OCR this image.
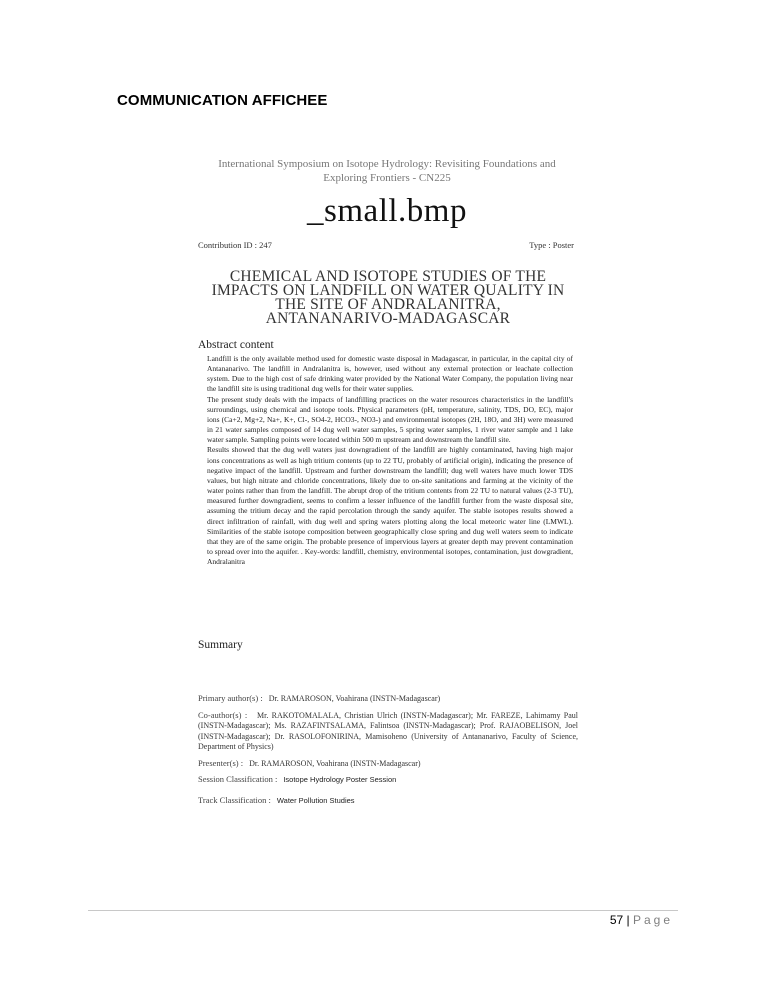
COMMUNICATION AFFICHEE
International Symposium on Isotope Hydrology: Revisiting Foundations and
Exploring Frontiers - CN225
_small.bmp
Contribution ID : 247	Type : Poster
CHEMICAL AND ISOTOPE STUDIES OF THE
IMPACTS ON LANDFILL ON WATER QUALITY IN
THE SITE OF ANDRALANITRA,
ANTANANARIVO-MADAGASCAR
Abstract content

Landfill is the only available method used for domestic waste disposal in Madagascar, in particular, in the capital city of Antananarivo. The landfill in Andralanitra is, however, used without any external protection or leachate collection system. Due to the high cost of safe drinking water provided by the National Water Company, the population living near the landfill site is using traditional dug wells for their water supplies.

The present study deals with the impacts of landfilling practices on the water resources characteristics in the landfill's surroundings, using chemical and isotope tools. Physical parameters (pH, temperature, salinity, TDS, DO, EC), major ions (Ca+2, Mg+2, Na+, K+, Cl-, SO4-2, HCO3-, NO3-) and environmental isotopes (2H, 18O, and 3H) were measured in 21 water samples composed of 14 dug well water samples, 5 spring water samples, 1 river water sample and 1 lake water sample. Sampling points were located within 500 m upstream and downstream the landfill site.

Results showed that the dug well waters just downgradient of the landfill are highly contaminated, having high major ions concentrations as well as high tritium contents (up to 22 TU, probably of artificial origin), indicating the presence of negative impact of the landfill. Upstream and further downstream the landfill; dug well waters have much lower TDS values, but high nitrate and chloride concentrations, likely due to on-site sanitations and farming at the vicinity of the water points rather than from the landfill. The abrupt drop of the tritium contents from 22 TU to natural values (2-3 TU), measured further downgradient, seems to confirm a lesser influence of the landfill further from the waste disposal site, assuming the tritium decay and the rapid percolation through the sandy aquifer. The stable isotopes results showed a direct infiltration of rainfall, with dug well and spring waters plotting along the local meteoric water line (LMWL). Similarities of the stable isotope composition between geographically close spring and dug well waters seem to indicate that they are of the same origin. The probable presence of impervious layers at greater depth may prevent contamination to spread over into the aquifer. . Key-words: landfill, chemistry, environmental isotopes, contamination, just dowgradient, Andralanitra

Summary
Primary author(s) : Dr. RAMAROSON, Voahirana (INSTN-Madagascar)
Co-author(s) : Mr. RAKOTOMALALA, Christian Ulrich (INSTN-Madagascar); Mr. FAREZE, Lahimamy Paul (INSTN-Madagascar); Ms. RAZAFINTSALAMA, Falintsoa (INSTN-Madagascar); Prof. RAJAOBELISON, Joel (INSTN-Madagascar); Dr. RASOLOFONIRINA, Mamisoheno (University of Antananarivo, Faculty of Science, Department of Physics)
Presenter(s) : Dr. RAMAROSON, Voahirana (INSTN-Madagascar)
Session Classification : Isotope Hydrology Poster Session
Track Classification : Water Pollution Studies
57 | Page
